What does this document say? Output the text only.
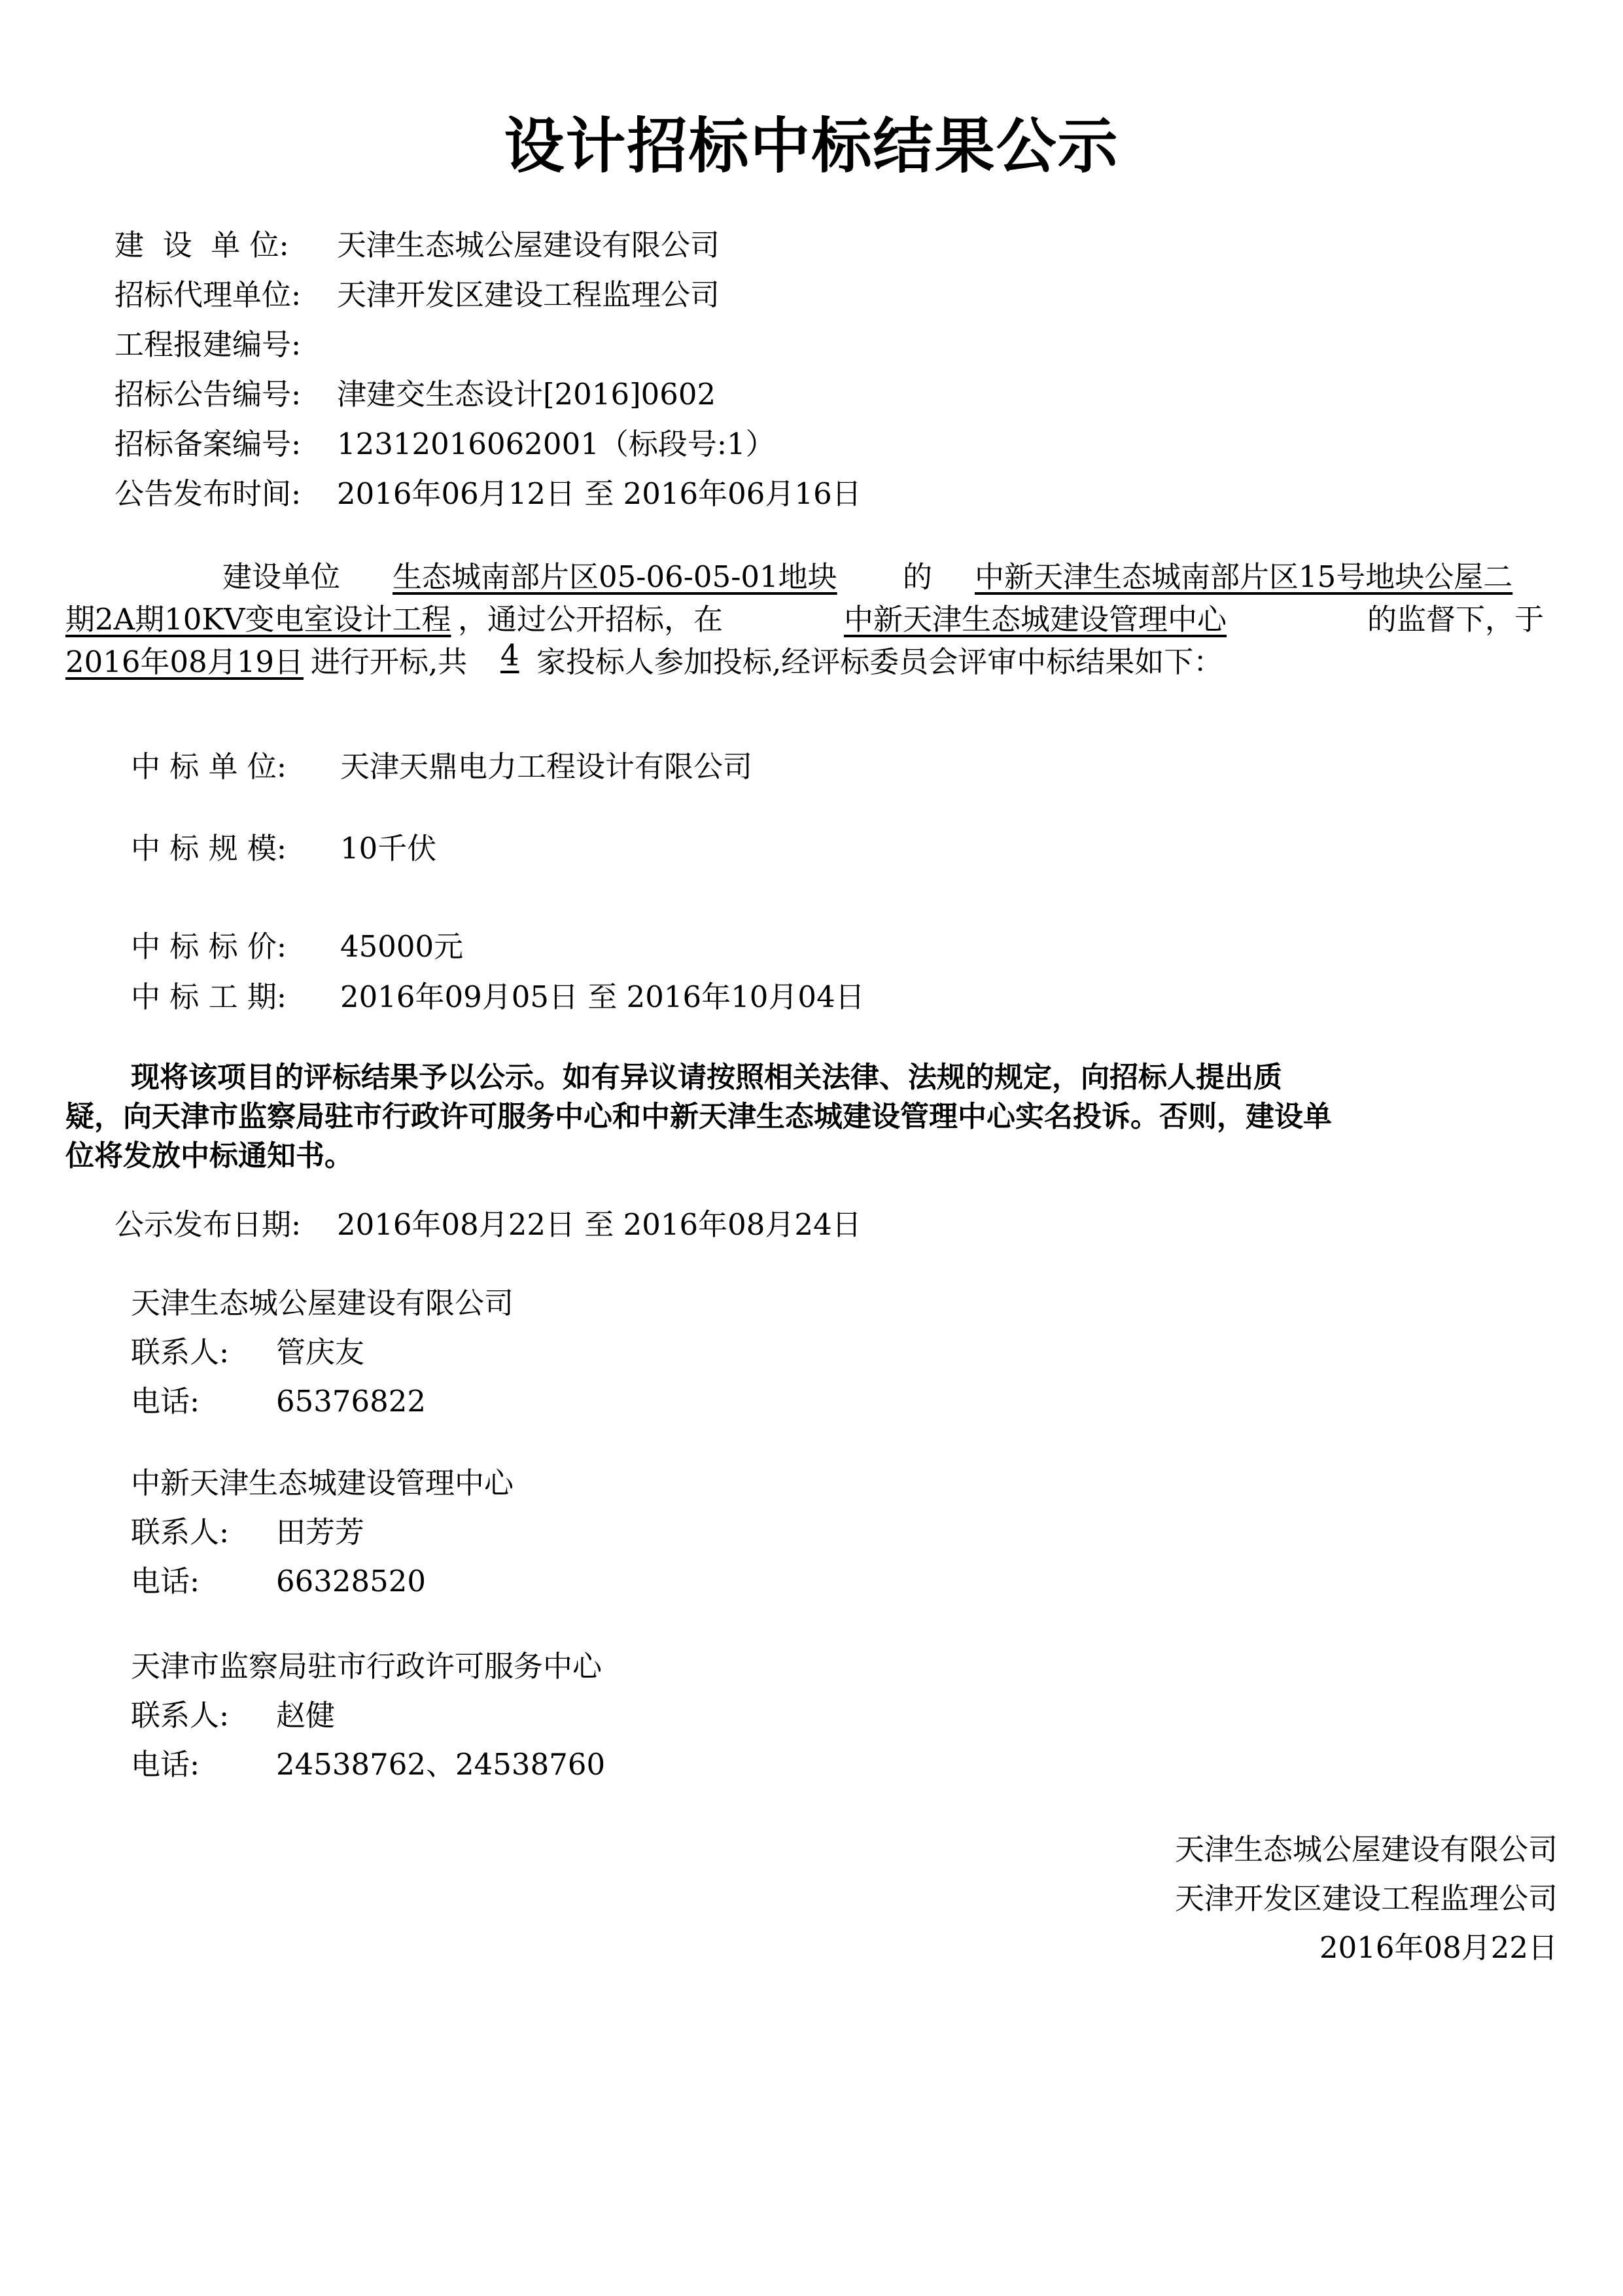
设计招标中标结果公示
建  设  单 位: 天津生态城公屋建设有限公司
招标代理单位: 天津开发区建设工程监理公司
工程报建编号:
招标公告编号: 津建交生态设计[2016]0602
招标备案编号: 12312016062001（标段号:1）
公告发布时间: 2016年06月12日 至 2016年06月16日
建设单位 生态城南部片区05-06-05-01地块 的 中新天津生态城南部片区15号地块公屋二
期2A期10KV变电室设计工程 ，通过公开招标，在	中新天津生态城建设管理中心	的监督下，于
2016年08月19日 进行开标,共 4 家投标人参加投标,经评标委员会评审中标结果如下：
中 标 单 位: 天津天鼎电力工程设计有限公司
中 标 规 模: 10千伏
中 标 标 价: 45000元
中 标 工 期: 2016年09月05日 至 2016年10月04日
现将该项目的评标结果予以公示。如有异议请按照相关法律、法规的规定，向招标人提出质
疑，向天津市监察局驻市行政许可服务中心和中新天津生态城建设管理中心实名投诉。否则，建设单
位将发放中标通知书。
公示发布日期: 2016年08月22日 至 2016年08月24日
天津生态城公屋建设有限公司
联系人: 管庆友
电话:	65376822
中新天津生态城建设管理中心
联系人: 田芳芳
电话:	66328520
天津市监察局驻市行政许可服务中心
联系人: 赵健
电话:	24538762、24538760
天津生态城公屋建设有限公司
天津开发区建设工程监理公司
2016年08月22日
